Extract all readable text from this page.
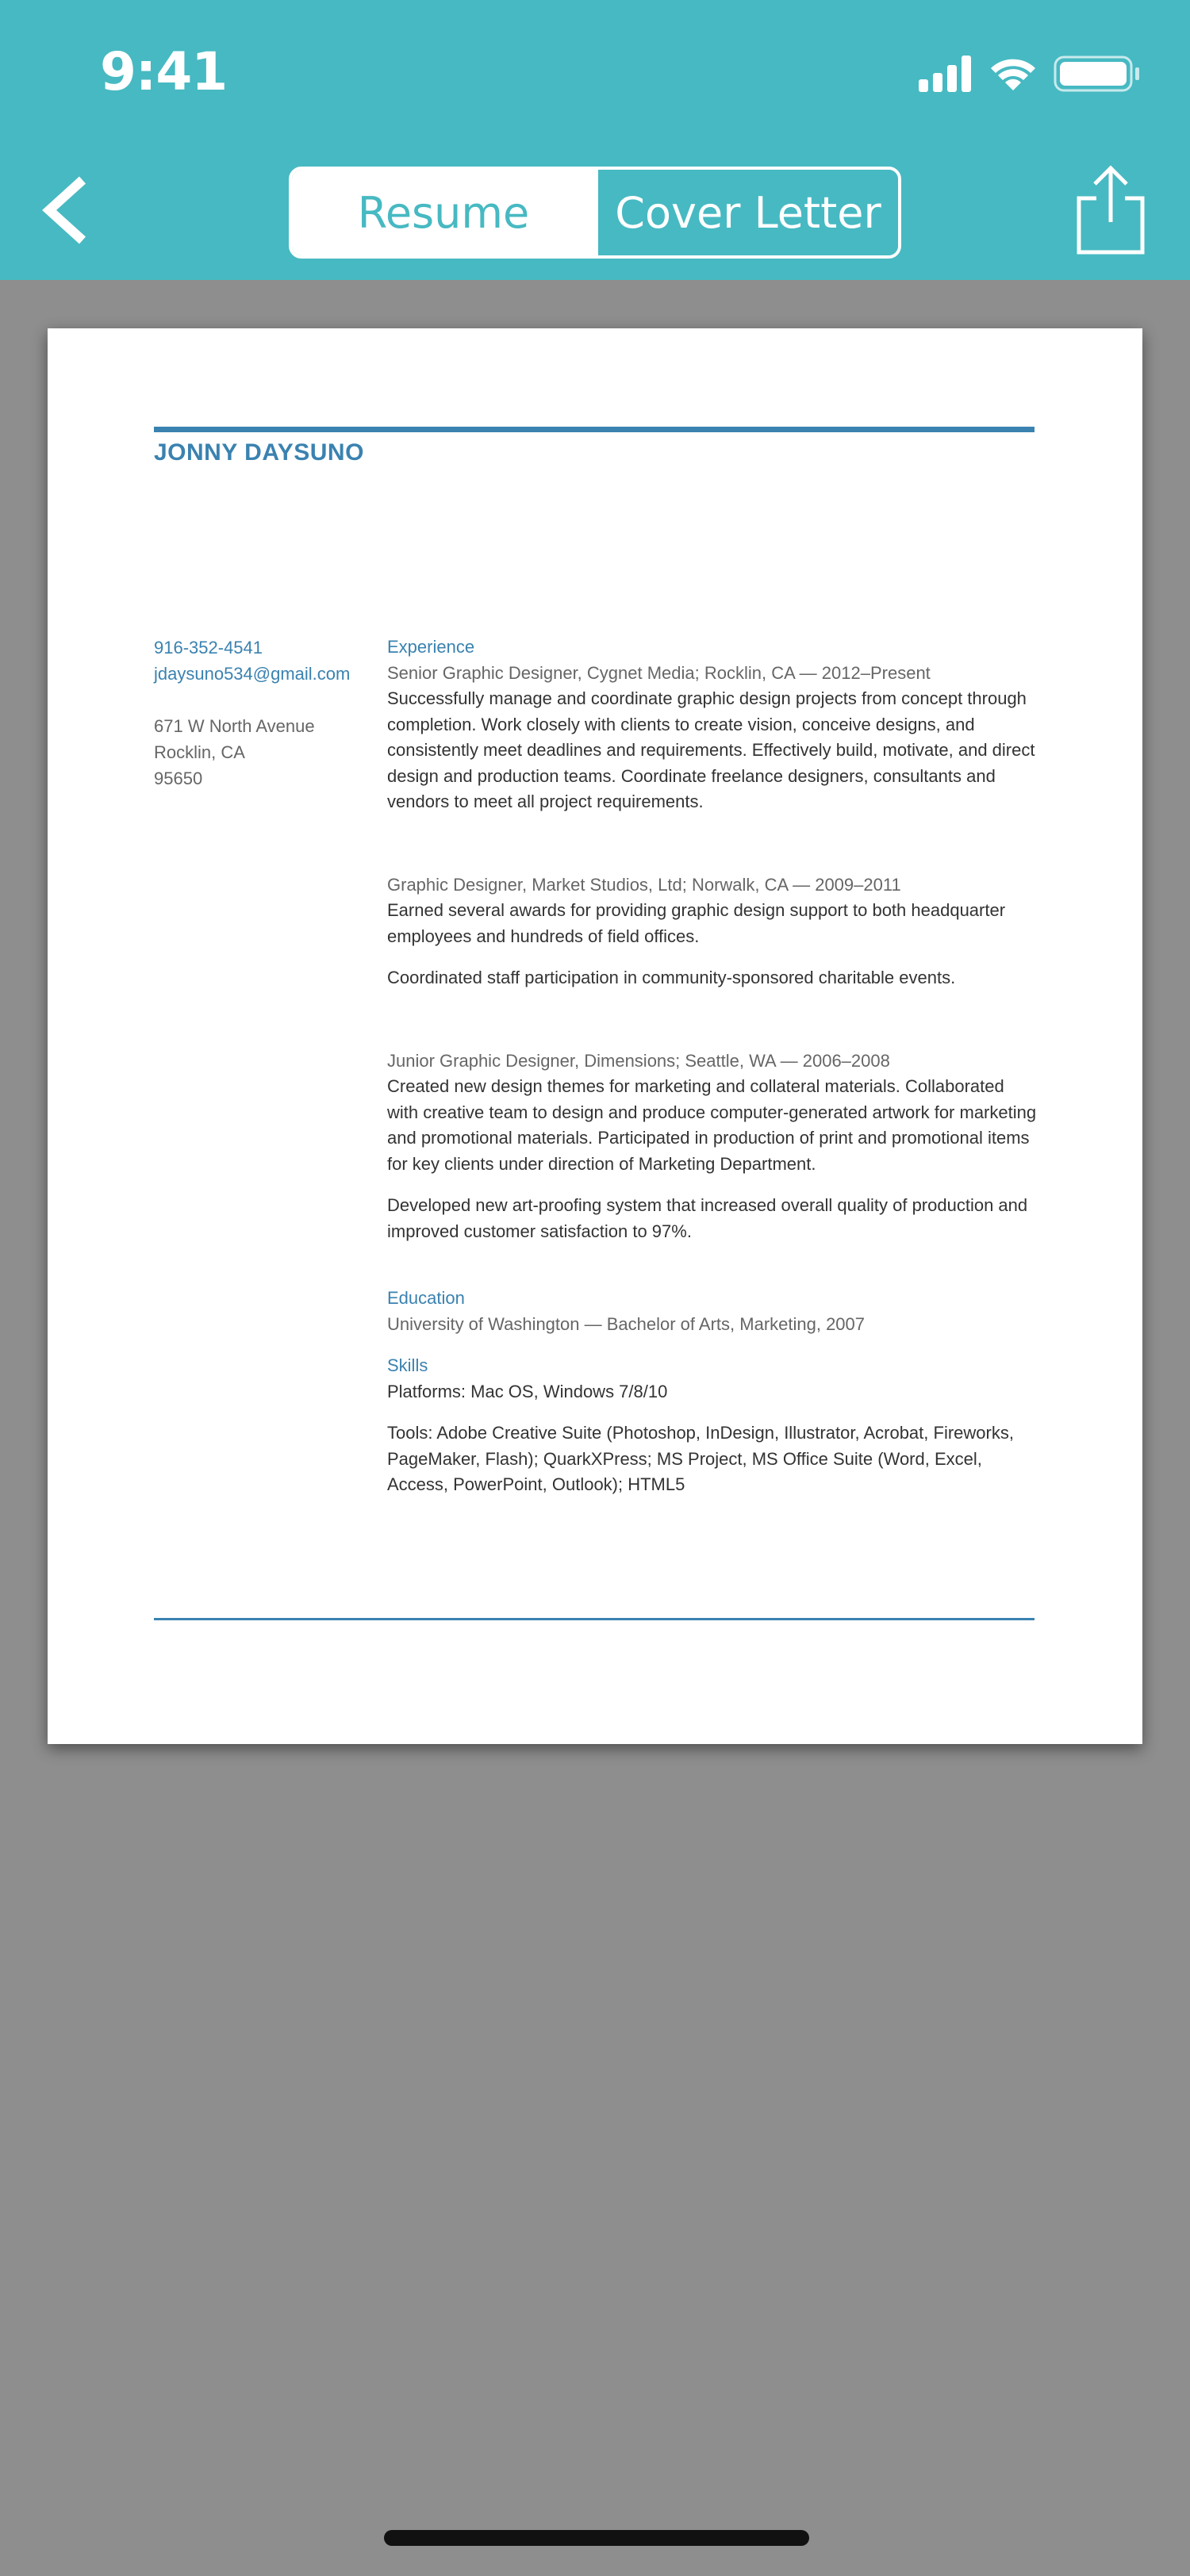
9:41
Resume	Cover Letter
JONNY DAYSUNO
916-352-4541
jdaysuno534@gmail.com
671 W North Avenue
Rocklin, CA
95650
Experience
Senior Graphic Designer, Cygnet Media; Rocklin, CA — 2012–Present
Successfully manage and coordinate graphic design projects from concept through completion. Work closely with clients to create vision, conceive designs, and consistently meet deadlines and requirements. Effectively build, motivate, and direct design and production teams. Coordinate freelance designers, consultants and vendors to meet all project requirements.
Graphic Designer, Market Studios, Ltd; Norwalk, CA — 2009–2011
Earned several awards for providing graphic design support to both headquarter employees and hundreds of field offices.
Coordinated staff participation in community-sponsored charitable events.
Junior Graphic Designer, Dimensions; Seattle, WA — 2006–2008
Created new design themes for marketing and collateral materials. Collaborated with creative team to design and produce computer-generated artwork for marketing and promotional materials. Participated in production of print and promotional items for key clients under direction of Marketing Department.
Developed new art-proofing system that increased overall quality of production and improved customer satisfaction to 97%.
Education
University of Washington — Bachelor of Arts, Marketing, 2007
Skills
Platforms: Mac OS, Windows 7/8/10
Tools: Adobe Creative Suite (Photoshop, InDesign, Illustrator, Acrobat, Fireworks, PageMaker, Flash); QuarkXPress; MS Project, MS Office Suite (Word, Excel, Access, PowerPoint, Outlook); HTML5
